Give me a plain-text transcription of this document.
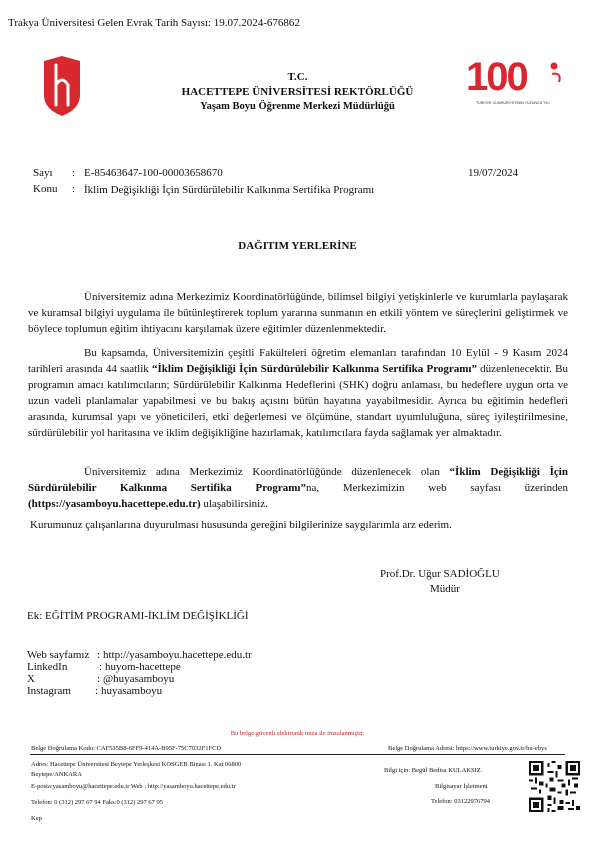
Trakya Üniversitesi Gelen Evrak Tarih Sayısı: 19.07.2024-676862
100
TÜRKİYE CUMHURİYETİNİN YÜZÜNCÜ YILI
T.C.
HACETTEPE ÜNİVERSİTESİ REKTÖRLÜĞÜ
Yaşam Boyu Öğrenme Merkezi Müdürlüğü
Sayı : E-85463647-100-00003658670	19/07/2024
Konu : İklim Değişikliği İçin Sürdürülebilir Kalkınma Sertifika Programı
DAĞITIM YERLERİNE
Üniversitemiz adına Merkezimiz Koordinatörlüğünde, bilimsel bilgiyi yetişkinlerle ve kurumlarla paylaşarak ve kuramsal bilgiyi uygulama ile bütünleştirerek toplum yararına sunmanın en etkili yöntem ve süreçlerini geliştirmek ve böylece toplumun eğitim ihtiyacını karşılamak üzere eğitimler düzenlenmektedir.
Bu kapsamda, Üniversitemizin çeşitli Fakülteleri öğretim elemanları tarafından 10 Eylül - 9 Kasım 2024 tarihleri arasında 44 saatlik “İklim Değişikliği İçin Sürdürülebilir Kalkınma Sertifika Programı” düzenlenecektir. Bu programın amacı katılımcıların; Sürdürülebilir Kalkınma Hedeflerini (SHK) doğru anlaması, bu hedeflere uygun orta ve uzun vadeli planlamalar yapabilmesi ve bu bakış açısını bütün hayatına yayabilmesidir. Ayrıca bu eğitimin hedefleri arasında, kurumsal yapı ve yöneticileri, etki değerlemesi ve ölçümüne, standart uyumluluğuna, süreç iyileştirilmesine, sürdürülebilir yol haritasına ve iklim değişikliğine hazırlamak, katılımcılara fayda sağlamak yer almaktadır.
Üniversitemiz adına Merkezimiz Koordinatörlüğünde düzenlenecek olan “İklim Değişikliği İçin Sürdürülebilir Kalkınma Sertifika Programı”na, Merkezimizin web sayfası üzerinden (https://yasamboyu.hacettepe.edu.tr) ulaşabilirsiniz.
Kurumunuz çalışanlarına duyurulması hususunda gereğini bilgilerinize saygılarımla arz ederim.
Prof.Dr. Uğur SADİOĞLU
Müdür
Ek: EĞİTİM PROGRAMI-İKLİM DEĞİŞİKLİĞİ
Web sayfamız : http://yasamboyu.hacettepe.edu.tr
LinkedIn	: huyom-hacettepe
X	: @huyasamboyu
Instagram : huyasamboyu
Bu belge güvenli elektronik imza ile imzalanmıştır.
Belge Doğrulama Kodu: CAF535B8-6FF9-414A-B95F-75C7032F1FCD	Belge Doğrulama Adresi: https://www.turkiye.gov.tr/hu-ebys
Adres: Hacettepe Üniversitesi Beytepe Yerleşkesi KOSGEB Binası 1. Kat 06800 Beytepe/ANKARA
E-posta:yasamboyu@hacettepe.edu.tr Web : http://yasamboyu.hacettepe.edu.tr
Telefon: 0 (312) 297 67 94 Faks:0 (312) 297 67 95
Bilgi için: Begül Bedisa KULAKSIZ
Bilgisayar İşletmeni
Telefon: 03122976794
Kep
